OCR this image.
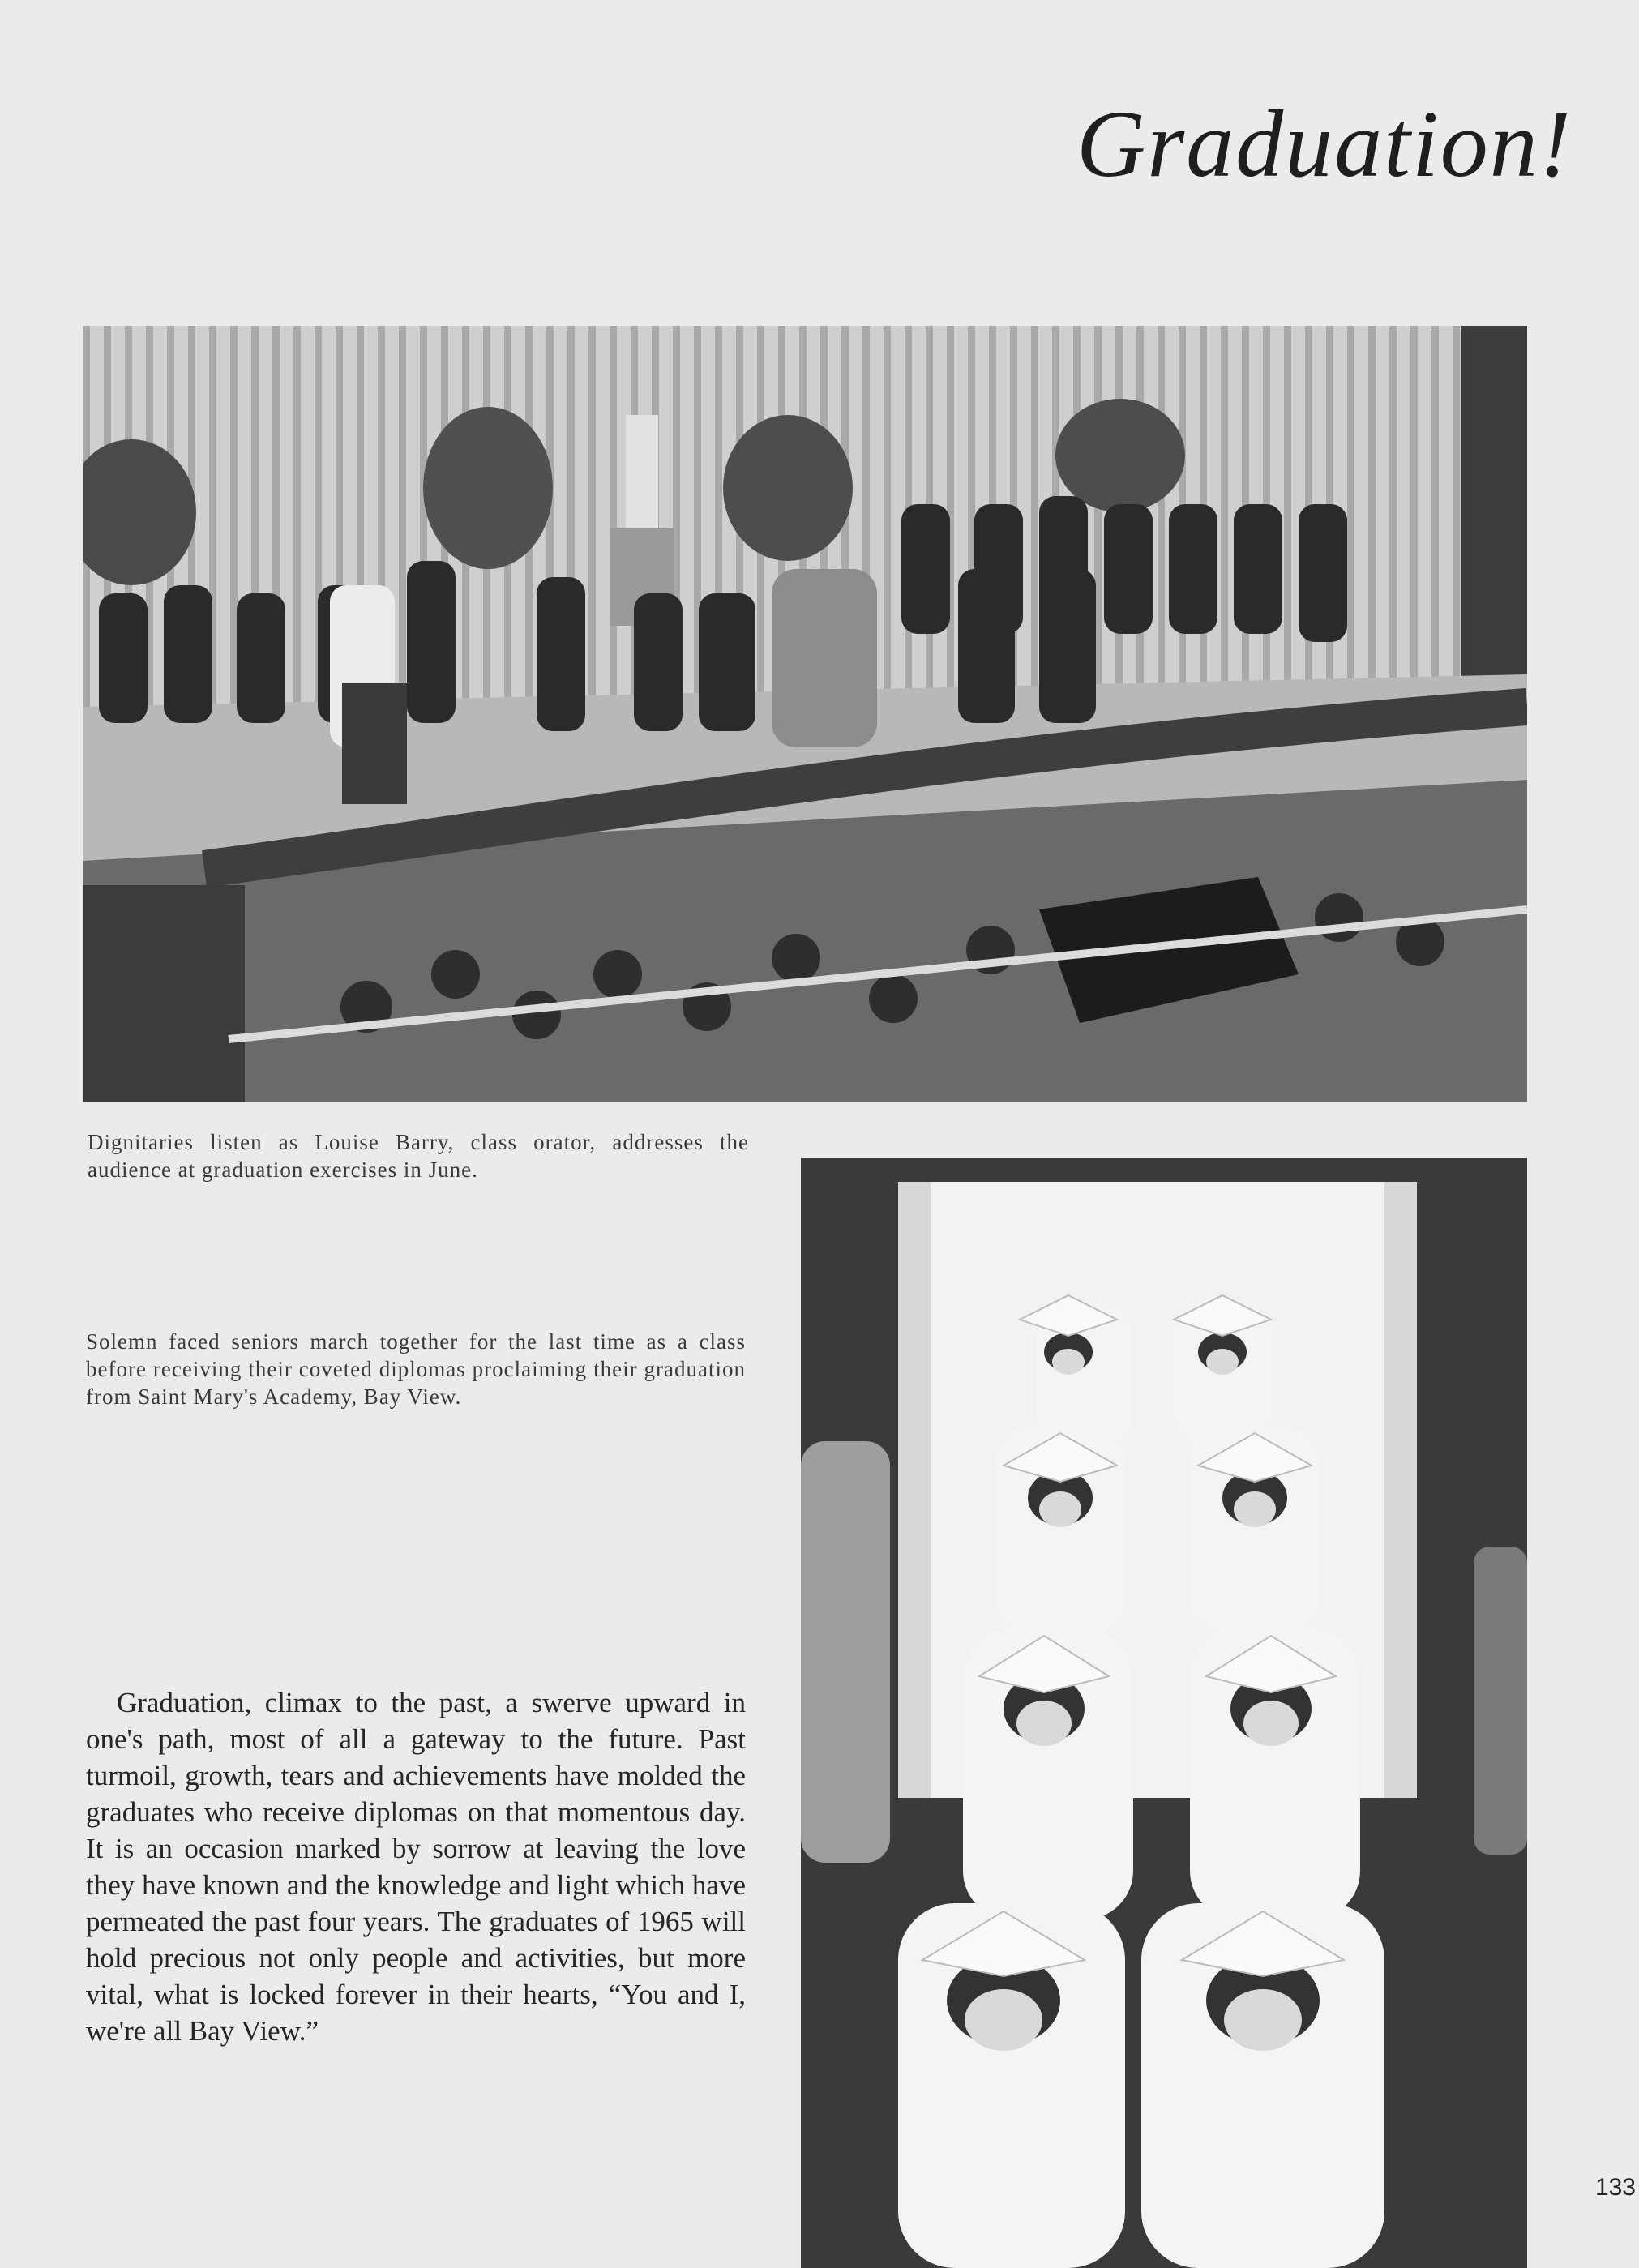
Graduation!
Dignitaries listen as Louise Barry, class orator, addresses the audience at graduation exercises in June.
Solemn faced seniors march together for the last time as a class before receiving their coveted diplomas proclaiming their graduation from Saint Mary's Academy, Bay View.
Graduation, climax to the past, a swerve upward in one's path, most of all a gateway to the future. Past turmoil, growth, tears and achievements have molded the graduates who receive diplomas on that momentous day. It is an occasion marked by sorrow at leaving the love they have known and the knowledge and light which have permeated the past four years. The graduates of 1965 will hold precious not only people and activities, but more vital, what is locked forever in their hearts, “You and I, we're all Bay View.”
133
